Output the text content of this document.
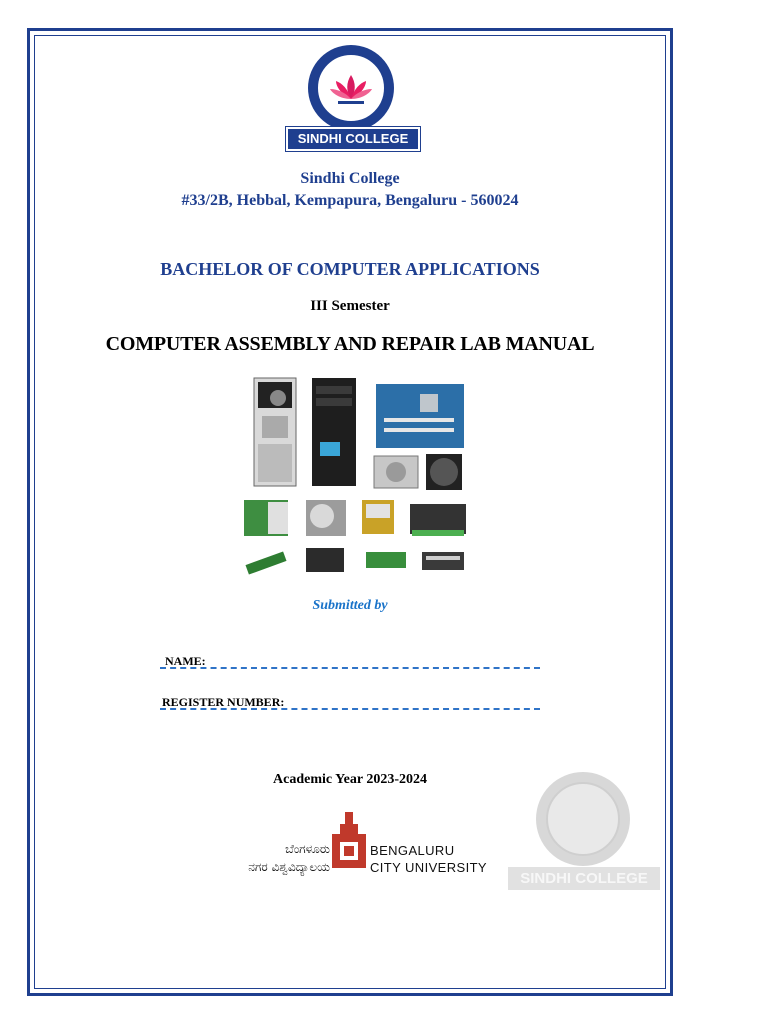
SINDHI COLLEGE
Sindhi College
#33/2B, Hebbal, Kempapura, Bengaluru - 560024
BACHELOR OF COMPUTER APPLICATIONS
III Semester
COMPUTER ASSEMBLY AND REPAIR LAB MANUAL
Submitted by
NAME:
REGISTER NUMBER:
Academic Year 2023-2024
ಬೆಂಗಳೂರು
ನಗರ ವಿಶ್ವವಿದ್ಯಾಲಯ
BENGALURU
CITY UNIVERSITY
SINDHI COLLEGE
